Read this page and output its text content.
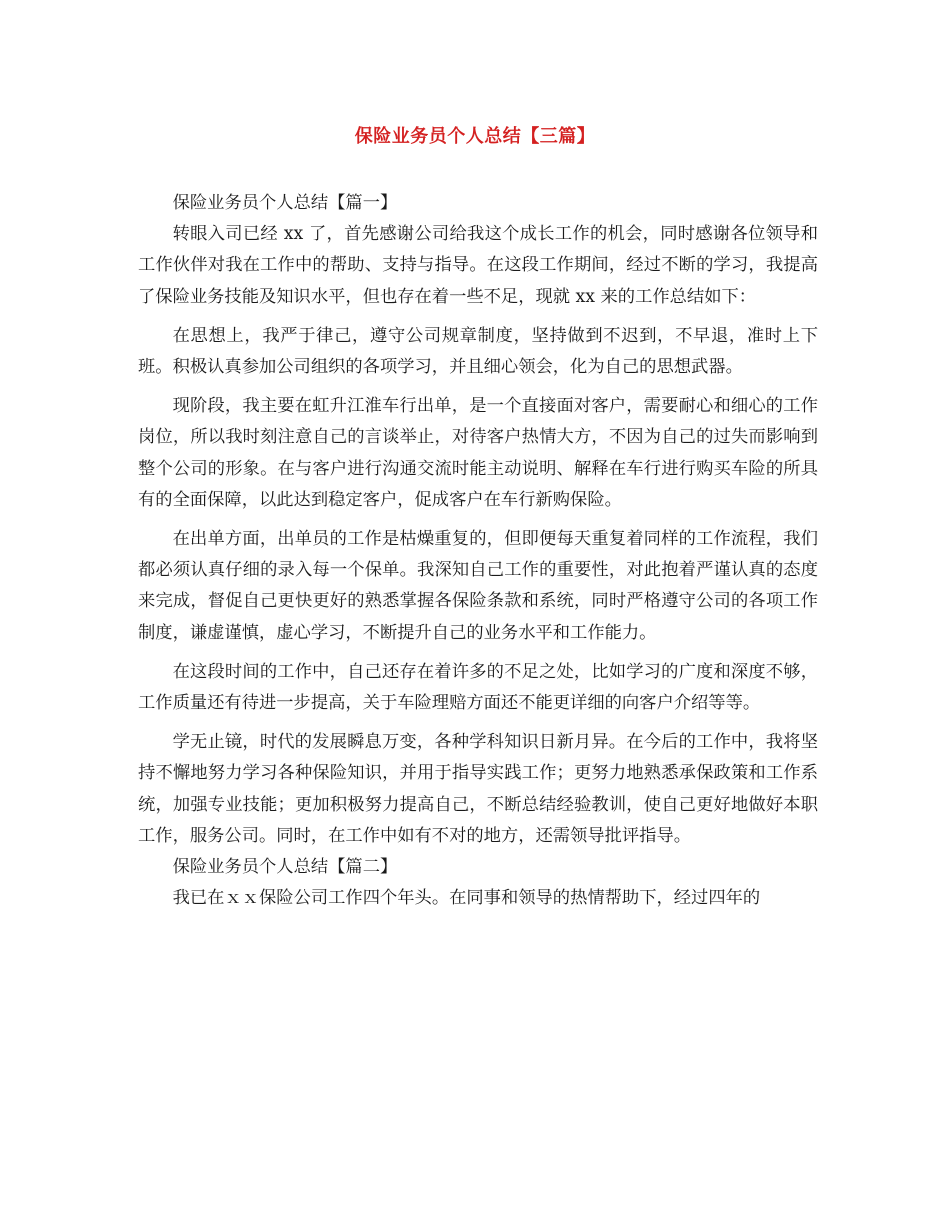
保险业务员个人总结【三篇】

保险业务员个人总结【篇一】

转眼入司已经 xx 了，首先感谢公司给我这个成长工作的机会，同时感谢各位领导和工作伙伴对我在工作中的帮助、支持与指导。在这段工作期间，经过不断的学习，我提高了保险业务技能及知识水平，但也存在着一些不足，现就 xx 来的工作总结如下：

在思想上，我严于律己，遵守公司规章制度，坚持做到不迟到，不早退，准时上下班。积极认真参加公司组织的各项学习，并且细心领会，化为自己的思想武器。

现阶段，我主要在虹升江淮车行出单，是一个直接面对客户，需要耐心和细心的工作岗位，所以我时刻注意自己的言谈举止，对待客户热情大方，不因为自己的过失而影响到整个公司的形象。在与客户进行沟通交流时能主动说明、解释在车行进行购买车险的所具有的全面保障，以此达到稳定客户，促成客户在车行新购保险。

在出单方面，出单员的工作是枯燥重复的，但即便每天重复着同样的工作流程，我们都必须认真仔细的录入每一个保单。我深知自己工作的重要性，对此抱着严谨认真的态度来完成，督促自己更快更好的熟悉掌握各保险条款和系统，同时严格遵守公司的各项工作制度，谦虚谨慎，虚心学习，不断提升自己的业务水平和工作能力。

在这段时间的工作中，自己还存在着许多的不足之处，比如学习的广度和深度不够，工作质量还有待进一步提高，关于车险理赔方面还不能更详细的向客户介绍等等。

学无止镜，时代的发展瞬息万变，各种学科知识日新月异。在今后的工作中，我将坚持不懈地努力学习各种保险知识，并用于指导实践工作；更努力地熟悉承保政策和工作系统，加强专业技能；更加积极努力提高自己，不断总结经验教训，使自己更好地做好本职工作，服务公司。同时，在工作中如有不对的地方，还需领导批评指导。

保险业务员个人总结【篇二】

我已在ｘｘ保险公司工作四个年头。在同事和领导的热情帮助下，经过四年的
